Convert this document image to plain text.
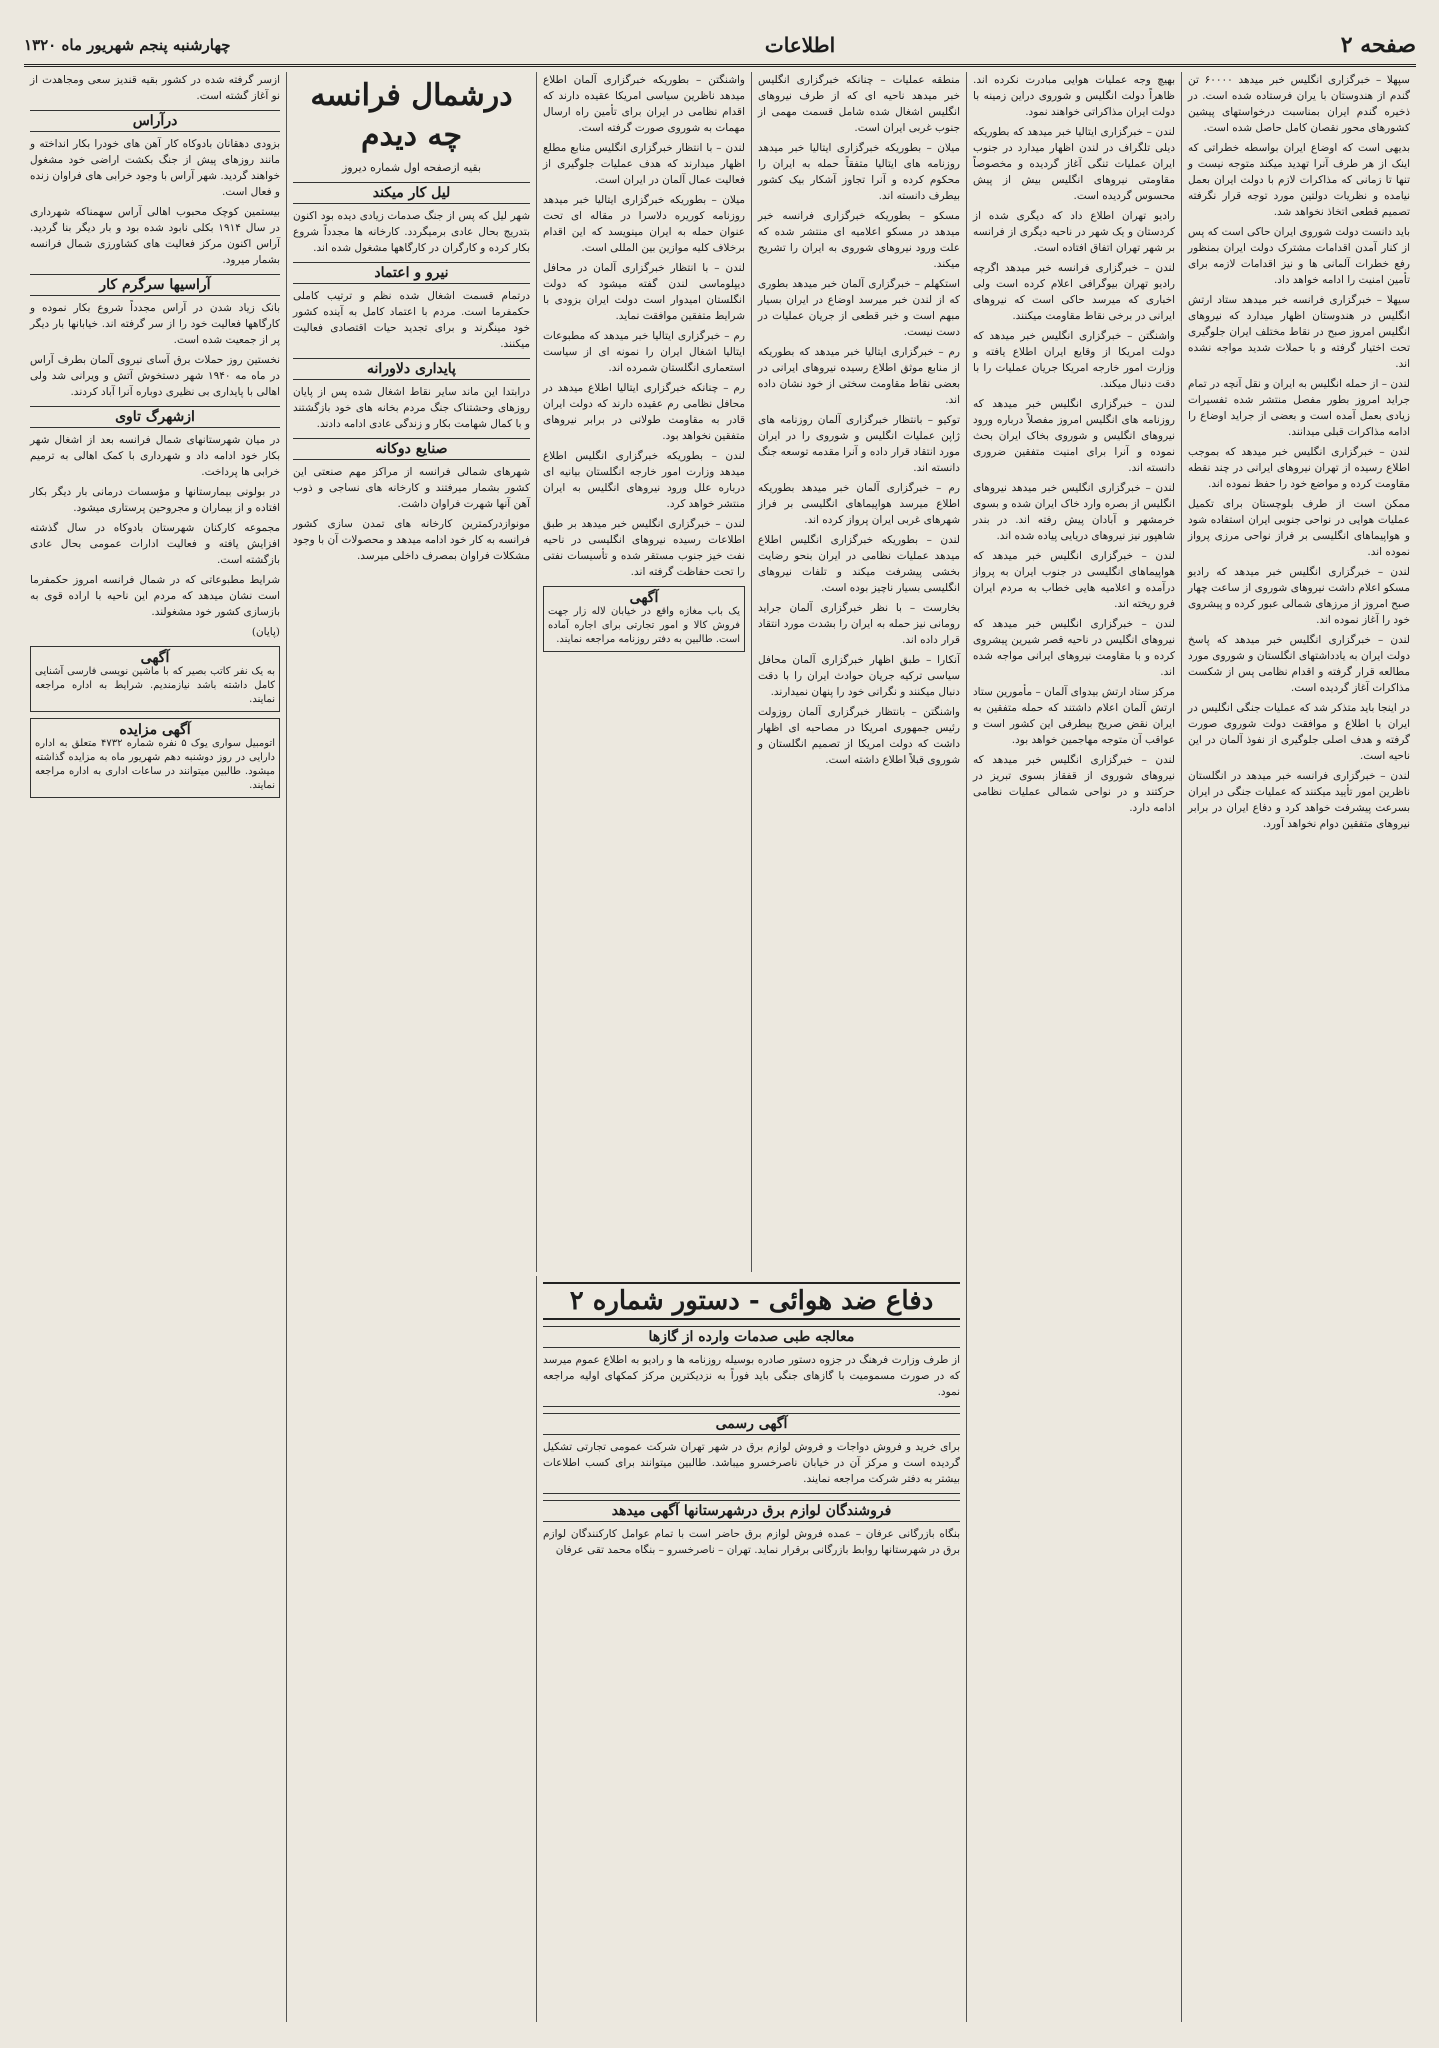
صفحه ۲
اطلاعات
چهارشنبه پنجم شهریور ماه ۱۳۲۰

سپهلا – خبرگزاری انگلیس خبر میدهد ۶۰۰۰۰ تن گندم از هندوستان با یران فرستاده شده است. در ذخیره گندم ایران بمناسبت درخواستهای پیشین کشورهای محور نقصان کامل حاصل شده است.

بدیهی است که اوضاع ایران بواسطه خطراتی که اینک از هر طرف آنرا تهدید میکند متوجه نیست و تنها تا زمانی که مذاکرات لازم با دولت ایران بعمل نیامده و نظریات دولتین مورد توجه قرار نگرفته تصمیم قطعی اتخاذ نخواهد شد.

باید دانست دولت شوروی ایران حاکی است که پس از کنار آمدن اقدامات مشترک دولت ایران بمنظور رفع خطرات آلمانی ها و نیز اقدامات لازمه برای تأمین امنیت را ادامه خواهد داد.

سیهلا – خبرگزاری فرانسه خبر میدهد ستاد ارتش انگلیس در هندوستان اظهار میدارد که نیروهای انگلیس امروز صبح در نقاط مختلف ایران جلوگیری تحت اختیار گرفته و با حملات شدید مواجه نشده اند.

لندن – از حمله انگلیس به ایران و نقل آنچه در تمام جراید امروز بطور مفصل منتشر شده تفسیرات زیادی بعمل آمده است و بعضی از جراید اوضاع را ادامه مذاکرات قبلی میدانند.

لندن – خبرگزاری انگلیس خبر میدهد که بموجب اطلاع رسیده از تهران نیروهای ایرانی در چند نقطه مقاومت کرده و مواضع خود را حفظ نموده اند.

ممکن است از طرف بلوچستان برای تکمیل عملیات هوایی در نواحی جنوبی ایران استفاده شود و هواپیماهای انگلیسی بر فراز نواحی مرزی پرواز نموده اند.

لندن – خبرگزاری انگلیس خبر میدهد که رادیو مسکو اعلام داشت نیروهای شوروی از ساعت چهار صبح امروز از مرزهای شمالی عبور کرده و پیشروی خود را آغاز نموده اند.

لندن – خبرگزاری انگلیس خبر میدهد که پاسخ دولت ایران به یادداشتهای انگلستان و شوروی مورد مطالعه قرار گرفته و اقدام نظامی پس از شکست مذاکرات آغاز گردیده است.

در اینجا باید متذکر شد که عملیات جنگی انگلیس در ایران با اطلاع و موافقت دولت شوروی صورت گرفته و هدف اصلی جلوگیری از نفوذ آلمان در این ناحیه است.

لندن – خبرگزاری فرانسه خبر میدهد در انگلستان ناظرین امور تأیید میکنند که عملیات جنگی در ایران بسرعت پیشرفت خواهد کرد و دفاع ایران در برابر نیروهای متفقین دوام نخواهد آورد.

بهیچ وجه عملیات هوایی مبادرت نکرده اند. ظاهراً دولت انگلیس و شوروی دراین زمینه با دولت ایران مذاکراتی خواهند نمود.

لندن – خبرگزاری ایتالیا خبر میدهد که بطوریکه دیلی تلگراف در لندن اظهار میدارد در جنوب ایران عملیات تنگی آغاز گردیده و مخصوصاً مقاومتی نیروهای انگلیس بیش از پیش محسوس گردیده است.

رادیو تهران اطلاع داد که دیگری شده از کردستان و یک شهر در ناحیه دیگری از فرانسه بر شهر تهران اتفاق افتاده است.

لندن – خبرگزاری فرانسه خبر میدهد اگرچه رادیو تهران بیوگرافی اعلام کرده است ولی اخباری که میرسد حاکی است که نیروهای ایرانی در برخی نقاط مقاومت میکنند.

واشنگتن – خبرگزاری انگلیس خبر میدهد که دولت امریکا از وقایع ایران اطلاع یافته و وزارت امور خارجه امریکا جریان عملیات را با دقت دنبال میکند.

لندن – خبرگزاری انگلیس خبر میدهد که روزنامه های انگلیس امروز مفصلاً درباره ورود نیروهای انگلیس و شوروی بخاک ایران بحث نموده و آنرا برای امنیت متفقین ضروری دانسته اند.

لندن – خبرگزاری انگلیس خبر میدهد نیروهای انگلیس از بصره وارد خاک ایران شده و بسوی خرمشهر و آبادان پیش رفته اند. در بندر شاهپور نیز نیروهای دریایی پیاده شده اند.

لندن – خبرگزاری انگلیس خبر میدهد که هواپیماهای انگلیسی در جنوب ایران به پرواز درآمده و اعلامیه هایی خطاب به مردم ایران فرو ریخته اند.

لندن – خبرگزاری انگلیس خبر میدهد که نیروهای انگلیس در ناحیه قصر شیرین پیشروی کرده و با مقاومت نیروهای ایرانی مواجه شده اند.

مرکز ستاد ارتش بیدوای آلمان – مأمورین ستاد ارتش آلمان اعلام داشتند که حمله متفقین به ایران نقض صریح بیطرفی این کشور است و عواقب آن متوجه مهاجمین خواهد بود.

لندن – خبرگزاری انگلیس خبر میدهد که نیروهای شوروی از قفقاز بسوی تبریز در حرکتند و در نواحی شمالی عملیات نظامی ادامه دارد.

منطقه عملیات – چنانکه خبرگزاری انگلیس خبر میدهد ناحیه ای که از طرف نیروهای انگلیس اشغال شده شامل قسمت مهمی از جنوب غربی ایران است.

میلان – بطوریکه خبرگزاری ایتالیا خبر میدهد روزنامه های ایتالیا متفقاً حمله به ایران را محکوم کرده و آنرا تجاوز آشکار بیک کشور بیطرف دانسته اند.

مسکو – بطوریکه خبرگزاری فرانسه خبر میدهد در مسکو اعلامیه ای منتشر شده که علت ورود نیروهای شوروی به ایران را تشریح میکند.

استکهلم – خبرگزاری آلمان خبر میدهد بطوری که از لندن خبر میرسد اوضاع در ایران بسیار مبهم است و خبر قطعی از جریان عملیات در دست نیست.

رم – خبرگزاری ایتالیا خبر میدهد که بطوریکه از منابع موثق اطلاع رسیده نیروهای ایرانی در بعضی نقاط مقاومت سختی از خود نشان داده اند.

توکیو – بانتظار خبرگزاری آلمان روزنامه های ژاپن عملیات انگلیس و شوروی را در ایران مورد انتقاد قرار داده و آنرا مقدمه توسعه جنگ دانسته اند.

رم – خبرگزاری آلمان خبر میدهد بطوریکه اطلاع میرسد هواپیماهای انگلیسی بر فراز شهرهای غربی ایران پرواز کرده اند.

لندن – بطوریکه خبرگزاری انگلیس اطلاع میدهد عملیات نظامی در ایران بنحو رضایت بخشی پیشرفت میکند و تلفات نیروهای انگلیسی بسیار ناچیز بوده است.

بخارست – با نظر خبرگزاری آلمان جراید رومانی نیز حمله به ایران را بشدت مورد انتقاد قرار داده اند.

آنکارا – طبق اظهار خبرگزاری آلمان محافل سیاسی ترکیه جریان حوادث ایران را با دقت دنبال میکنند و نگرانی خود را پنهان نمیدارند.

واشنگتن – بانتظار خبرگزاری آلمان روزولت رئیس جمهوری امریکا در مصاحبه ای اظهار داشت که دولت امریکا از تصمیم انگلستان و شوروی قبلاً اطلاع داشته است.

واشنگتن – بطوریکه خبرگزاری آلمان اطلاع میدهد ناظرین سیاسی امریکا عقیده دارند که اقدام نظامی در ایران برای تأمین راه ارسال مهمات به شوروی صورت گرفته است.

لندن – با انتظار خبرگزاری انگلیس منابع مطلع اظهار میدارند که هدف عملیات جلوگیری از فعالیت عمال آلمان در ایران است.

میلان – بطوریکه خبرگزاری ایتالیا خبر میدهد روزنامه کوریره دلاسرا در مقاله ای تحت عنوان حمله به ایران مینویسد که این اقدام برخلاف کلیه موازین بین المللی است.

لندن – با انتظار خبرگزاری آلمان در محافل دیپلوماسی لندن گفته میشود که دولت انگلستان امیدوار است دولت ایران بزودی با شرایط متفقین موافقت نماید.

رم – خبرگزاری ایتالیا خبر میدهد که مطبوعات ایتالیا اشغال ایران را نمونه ای از سیاست استعماری انگلستان شمرده اند.

رم – چنانکه خبرگزاری ایتالیا اطلاع میدهد در محافل نظامی رم عقیده دارند که دولت ایران قادر به مقاومت طولانی در برابر نیروهای متفقین نخواهد بود.

لندن – بطوریکه خبرگزاری انگلیس اطلاع میدهد وزارت امور خارجه انگلستان بیانیه ای درباره علل ورود نیروهای انگلیس به ایران منتشر خواهد کرد.

لندن – خبرگزاری انگلیس خبر میدهد بر طبق اطلاعات رسیده نیروهای انگلیسی در ناحیه نفت خیز جنوب مستقر شده و تأسیسات نفتی را تحت حفاظت گرفته اند.

آگهی
یک باب مغازه واقع در خیابان لاله زار جهت فروش کالا و امور تجارتی برای اجاره آماده است. طالبین به دفتر روزنامه مراجعه نمایند.
دفاع ضد هوائی - دستور شماره ۲
معالجه طبی صدمات وارده از گازها

از طرف وزارت فرهنگ در جزوه دستور صادره بوسیله روزنامه ها و رادیو به اطلاع عموم میرسد که در صورت مسمومیت با گازهای جنگی باید فوراً به نزدیکترین مرکز کمکهای اولیه مراجعه نمود.

آگهی رسمی

برای خرید و فروش دواجات و فروش لوازم برق در شهر تهران شرکت عمومی تجارتی تشکیل گردیده است و مرکز آن در خیابان ناصرخسرو میباشد. طالبین میتوانند برای کسب اطلاعات بیشتر به دفتر شرکت مراجعه نمایند.

فروشندگان لوازم برق درشهرستانها آگهی میدهد

بنگاه بازرگانی عرفان – عمده فروش لوازم برق حاضر است با تمام عوامل کارکنندگان لوازم برق در شهرستانها روابط بازرگانی برقرار نماید. تهران – ناصرخسرو – بنگاه محمد تقی عرفان

درشمال فرانسه چه دیدم
بقیه ازصفحه اول شماره دیروز
لیل کار میکند

شهر لیل که پس از جنگ صدمات زیادی دیده بود اکنون بتدریج بحال عادی برمیگردد. کارخانه ها مجدداً شروع بکار کرده و کارگران در کارگاهها مشغول شده اند.

نیرو و اعتماد

درتمام قسمت اشغال شده نظم و ترتیب کاملی حکمفرما است. مردم با اعتماد کامل به آینده کشور خود مینگرند و برای تجدید حیات اقتصادی فعالیت میکنند.

پایداری دلاورانه

درابتدا این ماند سایر نقاط اشغال شده پس از پایان روزهای وحشتناک جنگ مردم بخانه های خود بازگشتند و با کمال شهامت بکار و زندگی عادی ادامه دادند.

صنایع دوکانه

شهرهای شمالی فرانسه از مراکز مهم صنعتی این کشور بشمار میرفتند و کارخانه های نساجی و ذوب آهن آنها شهرت فراوان داشت.

مونوازدرکمترین کارخانه های تمدن سازی کشور فرانسه به کار خود ادامه میدهد و محصولات آن با وجود مشکلات فراوان بمصرف داخلی میرسد.

ازسر گرفته شده در کشور بقیه قندیز سعی ومجاهدت از نو آغاز گشته است.

درآراس

بزودی دهقانان بادوکاه کار آهن های خودرا بکار انداخته و مانند روزهای پیش از جنگ بکشت اراضی خود مشغول خواهند گردید. شهر آراس با وجود خرابی های فراوان زنده و فعال است.

بیستمین کوچک محبوب اهالی آراس سهمناکه شهرداری در سال ۱۹۱۴ بکلی نابود شده بود و بار دیگر بنا گردید. آراس اکنون مرکز فعالیت های کشاورزی شمال فرانسه بشمار میرود.

آراسیها سرگرم کار

بانک زیاد شدن در آراس مجدداً شروع بکار نموده و کارگاهها فعالیت خود را از سر گرفته اند. خیابانها بار دیگر پر از جمعیت شده است.

نخستین روز حملات برق آسای نیروی آلمان بطرف آراس در ماه مه ۱۹۴۰ شهر دستخوش آتش و ویرانی شد ولی اهالی با پایداری بی نظیری دوباره آنرا آباد کردند.

ازشهرگ تاوی

در میان شهرستانهای شمال فرانسه بعد از اشغال شهر بکار خود ادامه داد و شهرداری با کمک اهالی به ترمیم خرابی ها پرداخت.

در بولونی بیمارستانها و مؤسسات درمانی بار دیگر بکار افتاده و از بیماران و مجروحین پرستاری میشود.

مجموعه کارکنان شهرستان بادوکاه در سال گذشته افزایش یافته و فعالیت ادارات عمومی بحال عادی بازگشته است.

شرایط مطبوعاتی که در شمال فرانسه امروز حکمفرما است نشان میدهد که مردم این ناحیه با اراده قوی به بازسازی کشور خود مشغولند.

(پایان)

آگهی
به یک نفر کاتب بصیر که با ماشین نویسی فارسی آشنایی کامل داشته باشد نیازمندیم. شرایط به اداره مراجعه نمایند.
آگهی مزایده
اتومبیل سواری یوک ۵ نفره شماره ۴۷۳۲ متعلق به اداره دارایی در روز دوشنبه دهم شهریور ماه به مزایده گذاشته میشود. طالبین میتوانند در ساعات اداری به اداره مراجعه نمایند.
